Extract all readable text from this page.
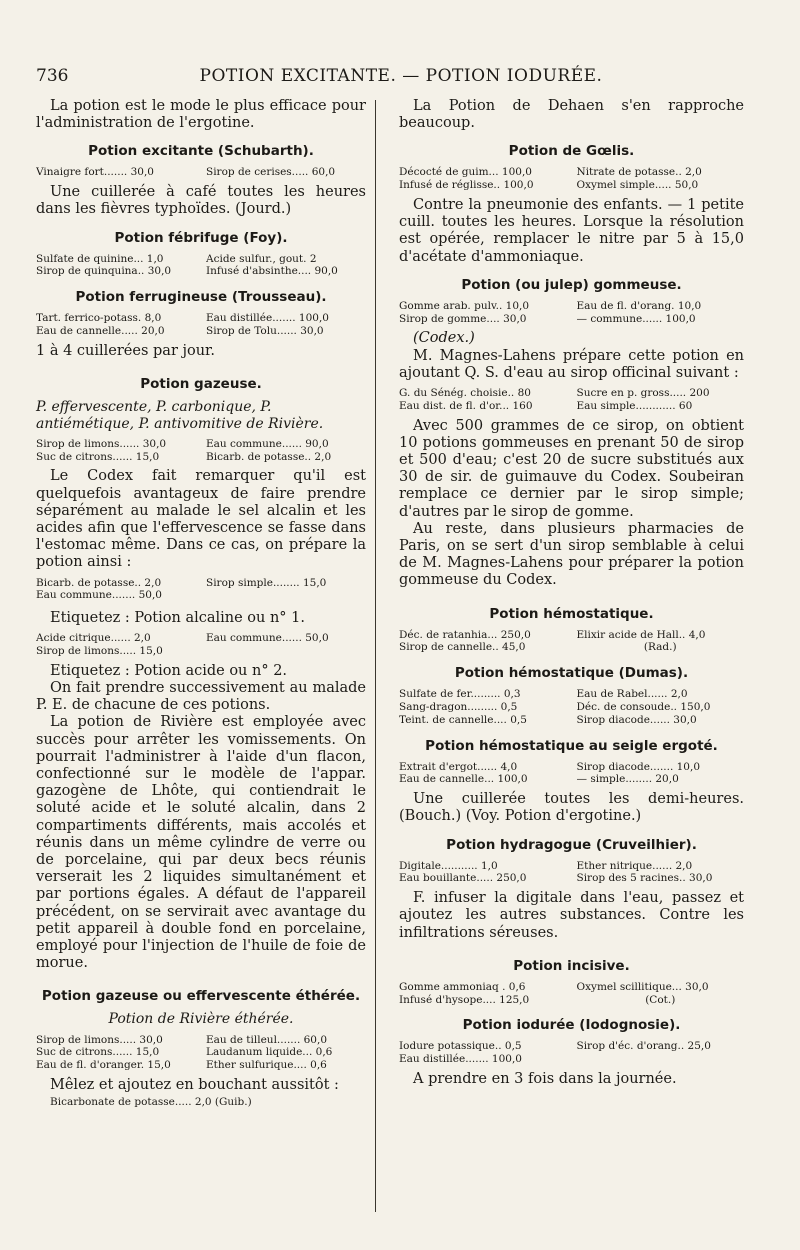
736	POTION EXCITANTE. — POTION IODURÉE.

La potion est le mode le plus efficace pour l'administration de l'ergotine.

Potion excitante (Schubarth).
Vinaigre fort....... 30,0	Sirop de cerises..... 60,0

Une cuillerée à café toutes les heures dans les fièvres typhoïdes. (Jourd.)

Potion fébrifuge (Foy).
Sulfate de quinine... 1,0	Acide sulfur., gout. 2
Sirop de quinquina.. 30,0	Infusé d'absinthe.... 90,0
Potion ferrugineuse (Trousseau).
Tart. ferrico-potass. 8,0	Eau distillée....... 100,0
Eau de cannelle..... 20,0	Sirop de Tolu...... 30,0

1 à 4 cuillerées par jour.

Potion gazeuse.

P. effervescente, P. carbonique, P. antiémétique, P. antivomitive de Rivière.

Sirop de limons...... 30,0	Eau commune...... 90,0
Suc de citrons...... 15,0	Bicarb. de potasse.. 2,0

Le Codex fait remarquer qu'il est quelquefois avantageux de faire prendre séparément au malade le sel alcalin et les acides afin que l'effervescence se fasse dans l'estomac même. Dans ce cas, on prépare la potion ainsi :

Bicarb. de potasse.. 2,0	Sirop simple........ 15,0
Eau commune....... 50,0

Etiquetez : Potion alcaline ou n° 1.

Acide citrique...... 2,0	Eau commune...... 50,0
Sirop de limons..... 15,0

Etiquetez : Potion acide ou n° 2.

On fait prendre successivement au malade P. E. de chacune de ces potions.

La potion de Rivière est employée avec succès pour arrêter les vomissements. On pourrait l'administrer à l'aide d'un flacon, confectionné sur le modèle de l'appar. gazogène de Lhôte, qui contiendrait le soluté acide et le soluté alcalin, dans 2 compartiments différents, mais accolés et réunis dans un même cylindre de verre ou de porcelaine, qui par deux becs réunis verserait les 2 liquides simultanément et par portions égales. A défaut de l'appareil précédent, on se servirait avec avantage du petit appareil à double fond en porcelaine, employé pour l'injection de l'huile de foie de morue.

Potion gazeuse ou effervescente éthérée.

Potion de Rivière éthérée.

Sirop de limons..... 30,0	Eau de tilleul....... 60,0
Suc de citrons...... 15,0	Laudanum liquide... 0,6
Eau de fl. d'oranger. 15,0	Ether sulfurique.... 0,6

Mêlez et ajoutez en bouchant aussitôt :

Bicarbonate de potasse..... 2,0 (Guib.)

La Potion de Dehaen s'en rapproche beaucoup.

Potion de Gœlis.
Décocté de guim... 100,0	Nitrate de potasse.. 2,0
Infusé de réglisse.. 100,0	Oxymel simple..... 50,0

Contre la pneumonie des enfants. — 1 petite cuill. toutes les heures. Lorsque la résolution est opérée, remplacer le nitre par 5 à 15,0 d'acétate d'ammoniaque.

Potion (ou julep) gommeuse.
Gomme arab. pulv.. 10,0	Eau de fl. d'orang. 10,0
Sirop de gomme.... 30,0	— commune...... 100,0

(Codex.)

M. Magnes-Lahens prépare cette potion en ajoutant Q. S. d'eau au sirop officinal suivant :

G. du Sénég. choisie.. 80	Sucre en p. gross..... 200
Eau dist. de fl. d'or... 160	Eau simple............ 60

Avec 500 grammes de ce sirop, on obtient 10 potions gommeuses en prenant 50 de sirop et 500 d'eau; c'est 20 de sucre substitués aux 30 de sir. de guimauve du Codex. Soubeiran remplace ce dernier par le sirop simple; d'autres par le sirop de gomme.

Au reste, dans plusieurs pharmacies de Paris, on se sert d'un sirop semblable à celui de M. Magnes-Lahens pour préparer la potion gommeuse du Codex.

Potion hémostatique.
Déc. de ratanhia... 250,0	Elixir acide de Hall.. 4,0
Sirop de cannelle.. 45,0	(Rad.)
Potion hémostatique (Dumas).
Sulfate de fer......... 0,3	Eau de Rabel...... 2,0
Sang-dragon......... 0,5	Déc. de consoude.. 150,0
Teint. de cannelle.... 0,5	Sirop diacode...... 30,0
Potion hémostatique au seigle ergoté.
Extrait d'ergot...... 4,0	Sirop diacode....... 10,0
Eau de cannelle... 100,0	— simple........ 20,0

Une cuillerée toutes les demi-heures. (Bouch.) (Voy. Potion d'ergotine.)

Potion hydragogue (Cruveilhier).
Digitale........... 1,0	Ether nitrique...... 2,0
Eau bouillante..... 250,0	Sirop des 5 racines.. 30,0

F. infuser la digitale dans l'eau, passez et ajoutez les autres substances. Contre les infiltrations séreuses.

Potion incisive.
Gomme ammoniaq . 0,6	Oxymel scillitique... 30,0
Infusé d'hysope.... 125,0	(Cot.)
Potion iodurée (Iodognosie).
Iodure potassique.. 0,5	Sirop d'éc. d'orang.. 25,0
Eau distillée....... 100,0

A prendre en 3 fois dans la journée.
